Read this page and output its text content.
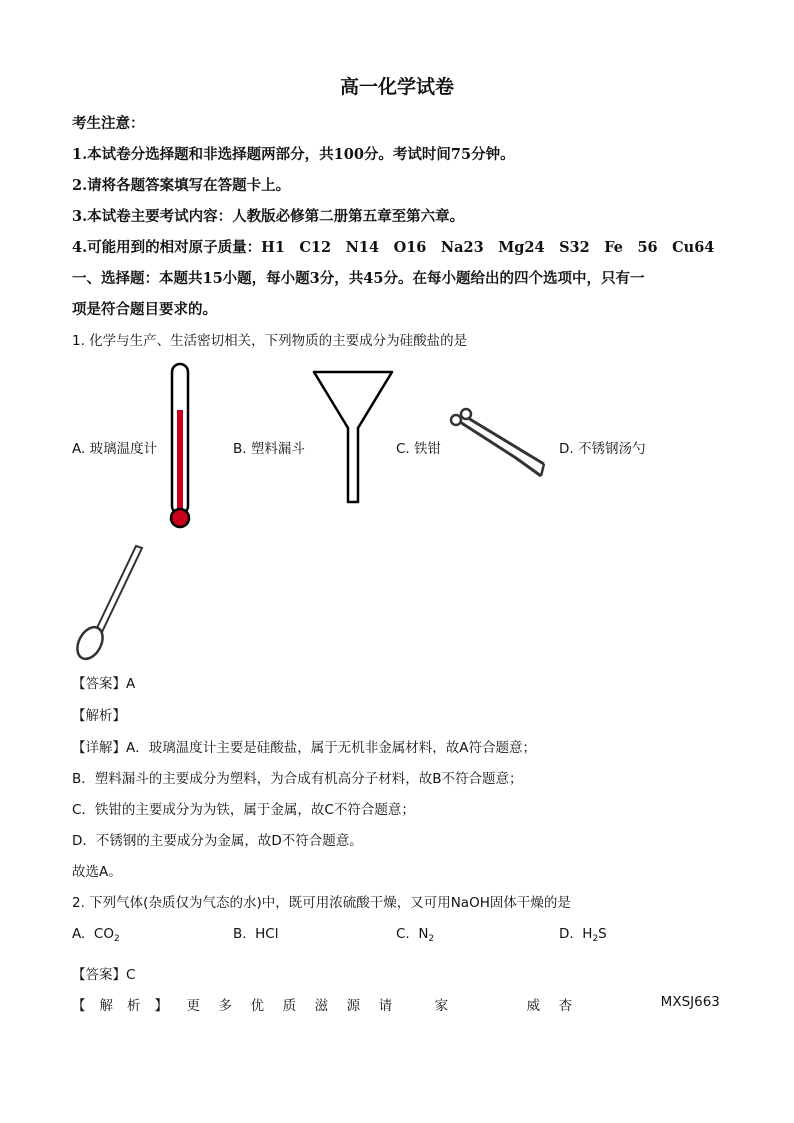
高一化学试卷
考生注意：
1.本试卷分选择题和非选择题两部分，共100分。考试时间75分钟。
2.请将各题答案填写在答题卡上。
3.本试卷主要考试内容：人教版必修第二册第五章至第六章。
4.可能用到的相对原子质量：H1　C12　N14　O16　Na23　Mg24　S32　Fe　56　Cu64
一、选择题：本题共15小题，每小题3分，共45分。在每小题给出的四个选项中，只有一
项是符合题目要求的。
1. 化学与生产、生活密切相关，下列物质的主要成分为硅酸盐的是
A. 玻璃温度计	B. 塑料漏斗	C. 铁钳	D. 不锈钢汤勺
【答案】A
【解析】
【详解】A．玻璃温度计主要是硅酸盐，属于无机非金属材料，故A符合题意；
B．塑料漏斗的主要成分为塑料，为合成有机高分子材料，故B不符合题意；
C．铁钳的主要成分为为铁，属于金属，故C不符合题意；
D．不锈钢的主要成分为金属，故D不符合题意。
故选A。
2. 下列气体(杂质仅为气态的水)中，既可用浓硫酸干燥，又可用NaOH固体干燥的是
A. $CO_2$	B. HCl	C. $N_2$	D. $H_2S$
【答案】C
【 解 析 】 更 多 优 质 滋 源 请	家	威 杏	MXSJ663
